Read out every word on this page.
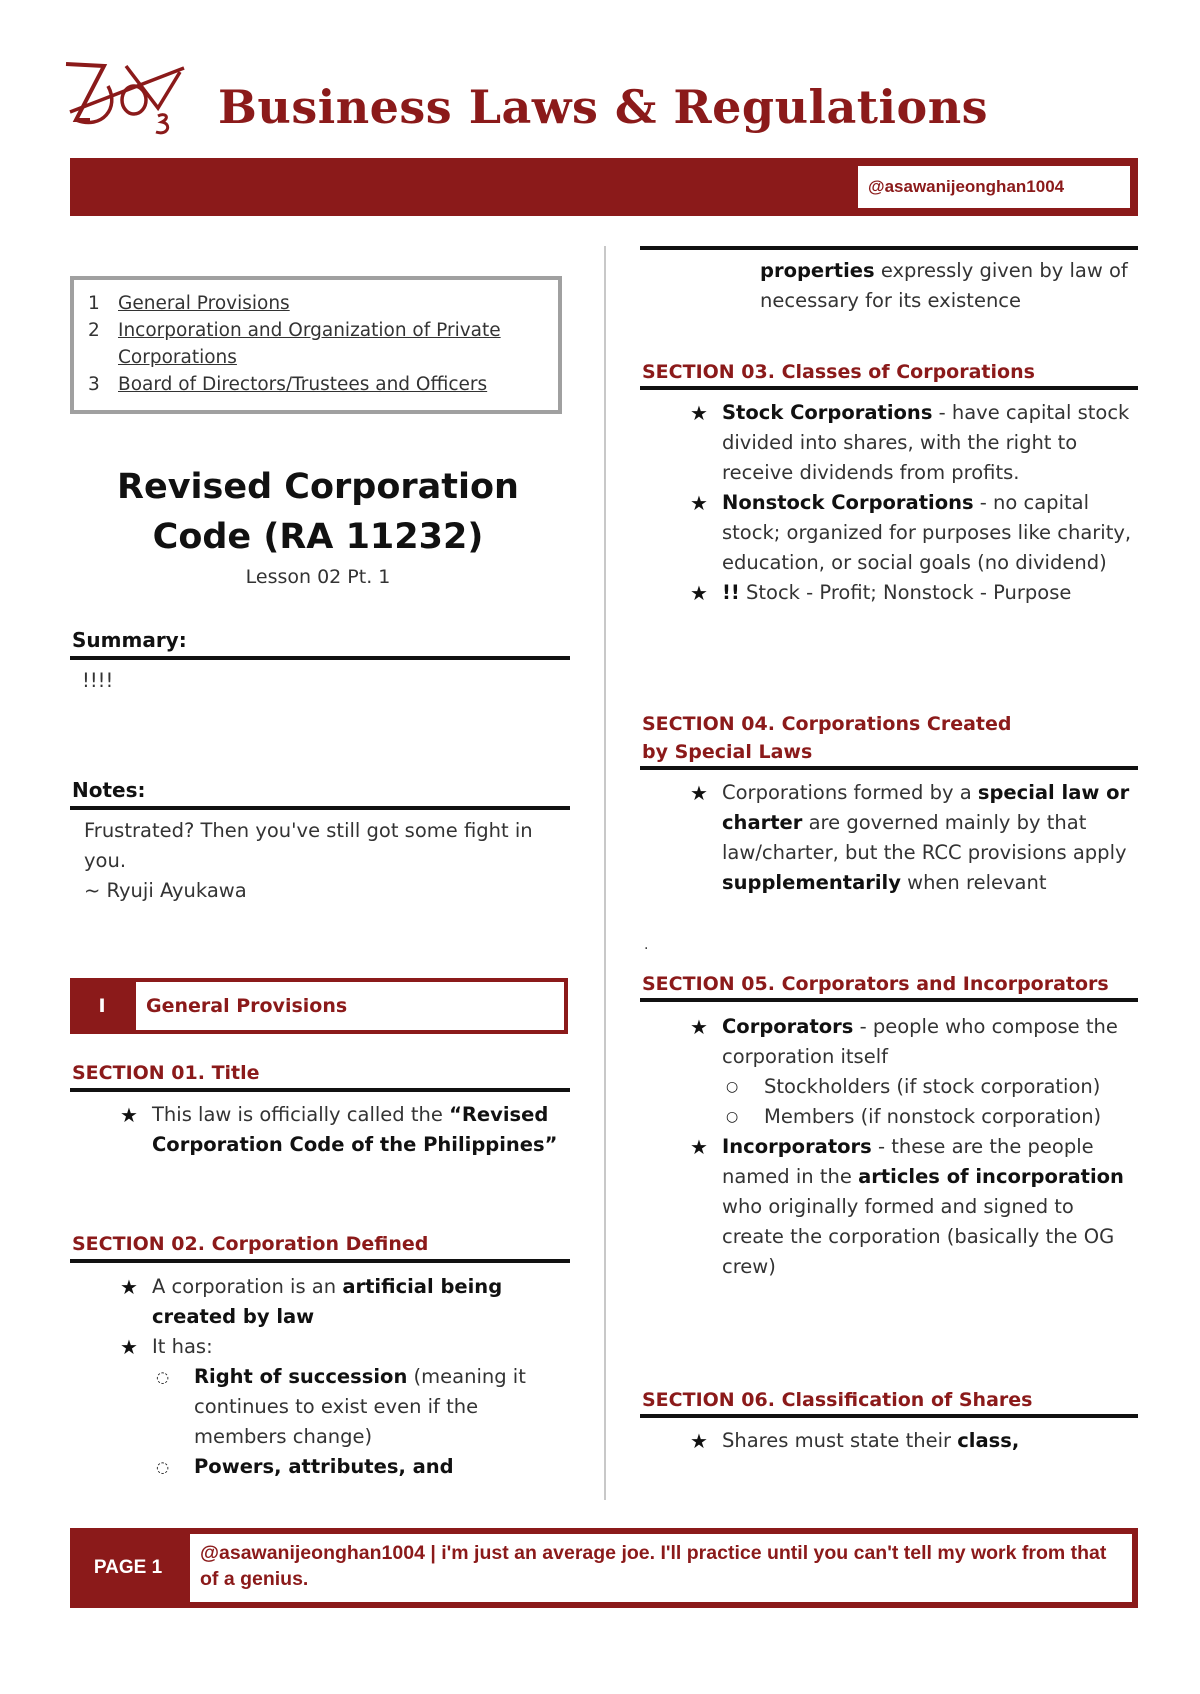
Business Laws & Regulations
@asawanijeonghan1004
1 General Provisions
2 Incorporation and Organization of Private Corporations
3 Board of Directors/Trustees and Officers
Revised Corporation
Code (RA 11232)
Lesson 02 Pt. 1
Summary:
!!!!
Notes:
Frustrated? Then you've still got some fight in you.
~ Ryuji Ayukawa
I	General Provisions
SECTION 01. Title
★ This law is officially called the “Revised Corporation Code of the Philippines”
SECTION 02. Corporation Defined
★ A corporation is an artificial being created by law
★ It has:
◌	Right of succession (meaning it continues to exist even if the members change)
◌	Powers, attributes, and
properties expressly given by law of necessary for its existence
SECTION 03. Classes of Corporations
★ Stock Corporations - have capital stock divided into shares, with the right to receive dividends from profits.
★ Nonstock Corporations - no capital stock; organized for purposes like charity, education, or social goals (no dividend)
★ !! Stock - Profit; Nonstock - Purpose
SECTION 04. Corporations Created by Special Laws
★ Corporations formed by a special law or charter are governed mainly by that law/charter, but the RCC provisions apply supplementarily when relevant
.
SECTION 05. Corporators and Incorporators
★ Corporators - people who compose the corporation itself
○	Stockholders (if stock corporation)
○	Members (if nonstock corporation)
★ Incorporators - these are the people named in the articles of incorporation who originally formed and signed to create the corporation (basically the OG crew)
SECTION 06. Classification of Shares
★ Shares must state their class,
PAGE 1
@asawanijeonghan1004 | i'm just an average joe. I'll practice until you can't tell my work from that of a genius.
